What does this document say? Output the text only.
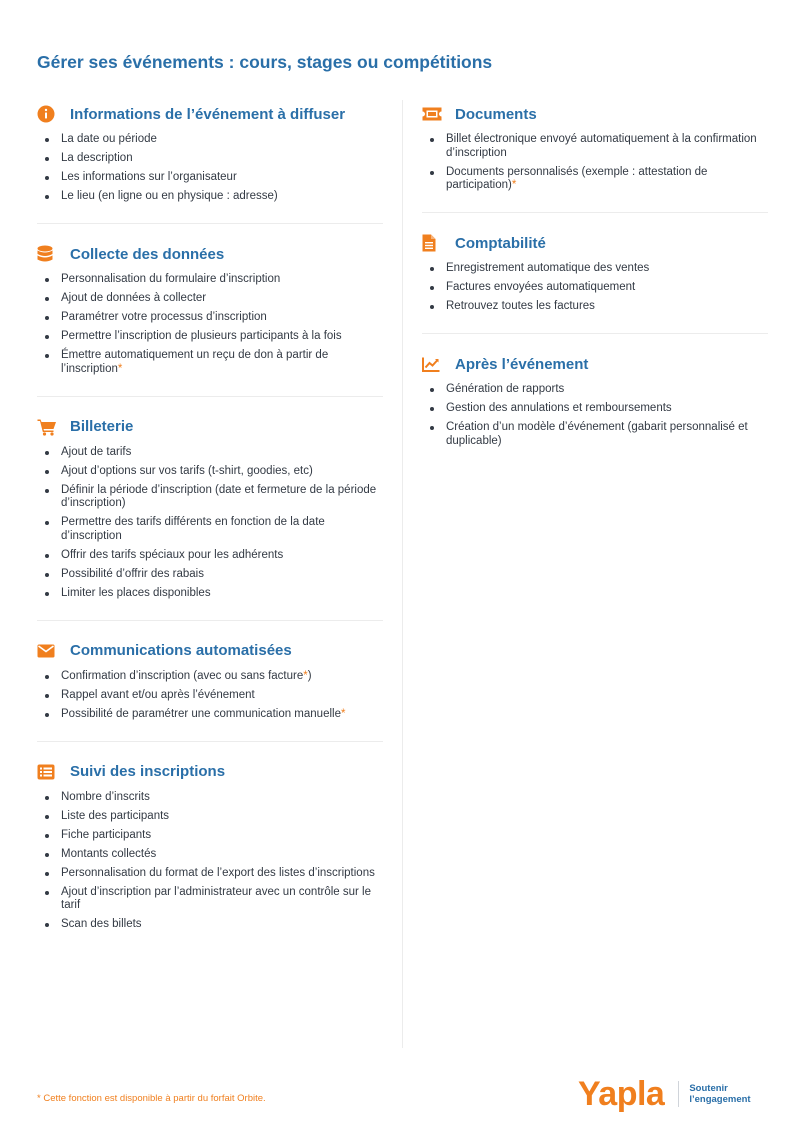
Gérer ses événements : cours, stages ou compétitions
Informations de l’événement à diffuser
La date ou période
La description
Les informations sur l’organisateur
Le lieu (en ligne ou en physique : adresse)
Collecte des données
Personnalisation du formulaire d’inscription
Ajout de données à collecter
Paramétrer votre processus d’inscription
Permettre l’inscription de plusieurs participants à la fois
Émettre automatiquement un reçu de don à partir de l’inscription*
Billeterie
Ajout de tarifs
Ajout d’options sur vos tarifs (t-shirt, goodies, etc)
Définir la période d’inscription (date et fermeture de la période d’inscription)
Permettre des tarifs différents en fonction de la date d’inscription
Offrir des tarifs spéciaux pour les adhérents
Possibilité d’offrir des rabais
Limiter les places disponibles
Communications automatisées
Confirmation d’inscription (avec ou sans facture*)
Rappel avant et/ou après l’événement
Possibilité de paramétrer une communication manuelle*
Suivi des inscriptions
Nombre d’inscrits
Liste des participants
Fiche participants
Montants collectés
Personnalisation du format de l’export des listes d’inscriptions
Ajout d’inscription par l’administrateur avec un contrôle sur le tarif
Scan des billets
Documents
Billet électronique envoyé automatiquement à la confirmation d’inscription
Documents personnalisés (exemple : attestation de participation)*
Comptabilité
Enregistrement automatique des ventes
Factures envoyées automatiquement
Retrouvez toutes les factures
Après l’événement
Génération de rapports
Gestion des annulations et remboursements
Création d’un modèle d’événement (gabarit personnalisé et duplicable)
* Cette fonction est disponible à partir du forfait Orbite.	Yapla	Soutenir l’engagement
